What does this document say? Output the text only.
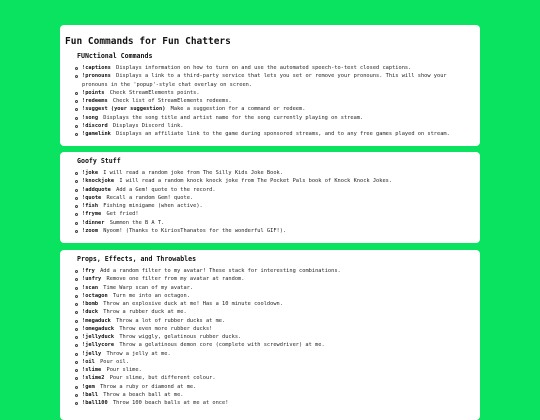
Fun Commands for Fun Chatters
FUNctional Commands
!captions Displays information on how to turn on and use the automated speech-to-text closed captions.
!pronouns Displays a link to a third-party service that lets you set or remove your pronouns. This will show your pronouns in the 'popup'-style chat overlay on screen.
!points Check StreamElements points.
!redeems Check list of StreamElements redeems.
!suggest (your suggestion) Make a suggestion for a command or redeem.
!song Displays the song title and artist name for the song currently playing on stream.
!discord Displays Discord link.
!gamelink Displays an affiliate link to the game during sponsored streams, and to any free games played on stream.
Goofy Stuff
!joke I will read a random joke from The Silly Kids Joke Book.
!knockjoke I will read a random knock knock joke from The Pocket Pals book of Knock Knock Jokes.
!addquote Add a Gem! quote to the record.
!quote Recall a random Gem! quote.
!fish Fishing minigame (when active).
!fryme Get fried!
!dinner Summon the B A T.
!zoom Nyoom! (Thanks to KiriosThanatos for the wonderful GIF!).
Props, Effects, and Throwables
!fry Add a random filter to my avatar! These stack for interesting combinations.
!unfry Remove one filter from my avatar at random.
!scan Time Warp scan of my avatar.
!octagon Turn me into an octagon.
!bomb Throw an explosive duck at me! Has a 10 minute cooldown.
!duck Throw a rubber duck at me.
!megaduck Throw a lot of rubber ducks at me.
!omegaduck Throw even more rubber ducks!
!jellyduck Throw wiggly, gelatinous rubber ducks.
!jellycore Throw a gelatinous demon core (complete with screwdriver) at me.
!jelly Throw a jelly at me.
!oil Pour oil.
!slime Pour slime.
!slime2 Pour slime, but different colour.
!gem Throw a ruby or diamond at me.
!ball Throw a beach ball at me.
!ball100 Throw 100 beach balls at me at once!
